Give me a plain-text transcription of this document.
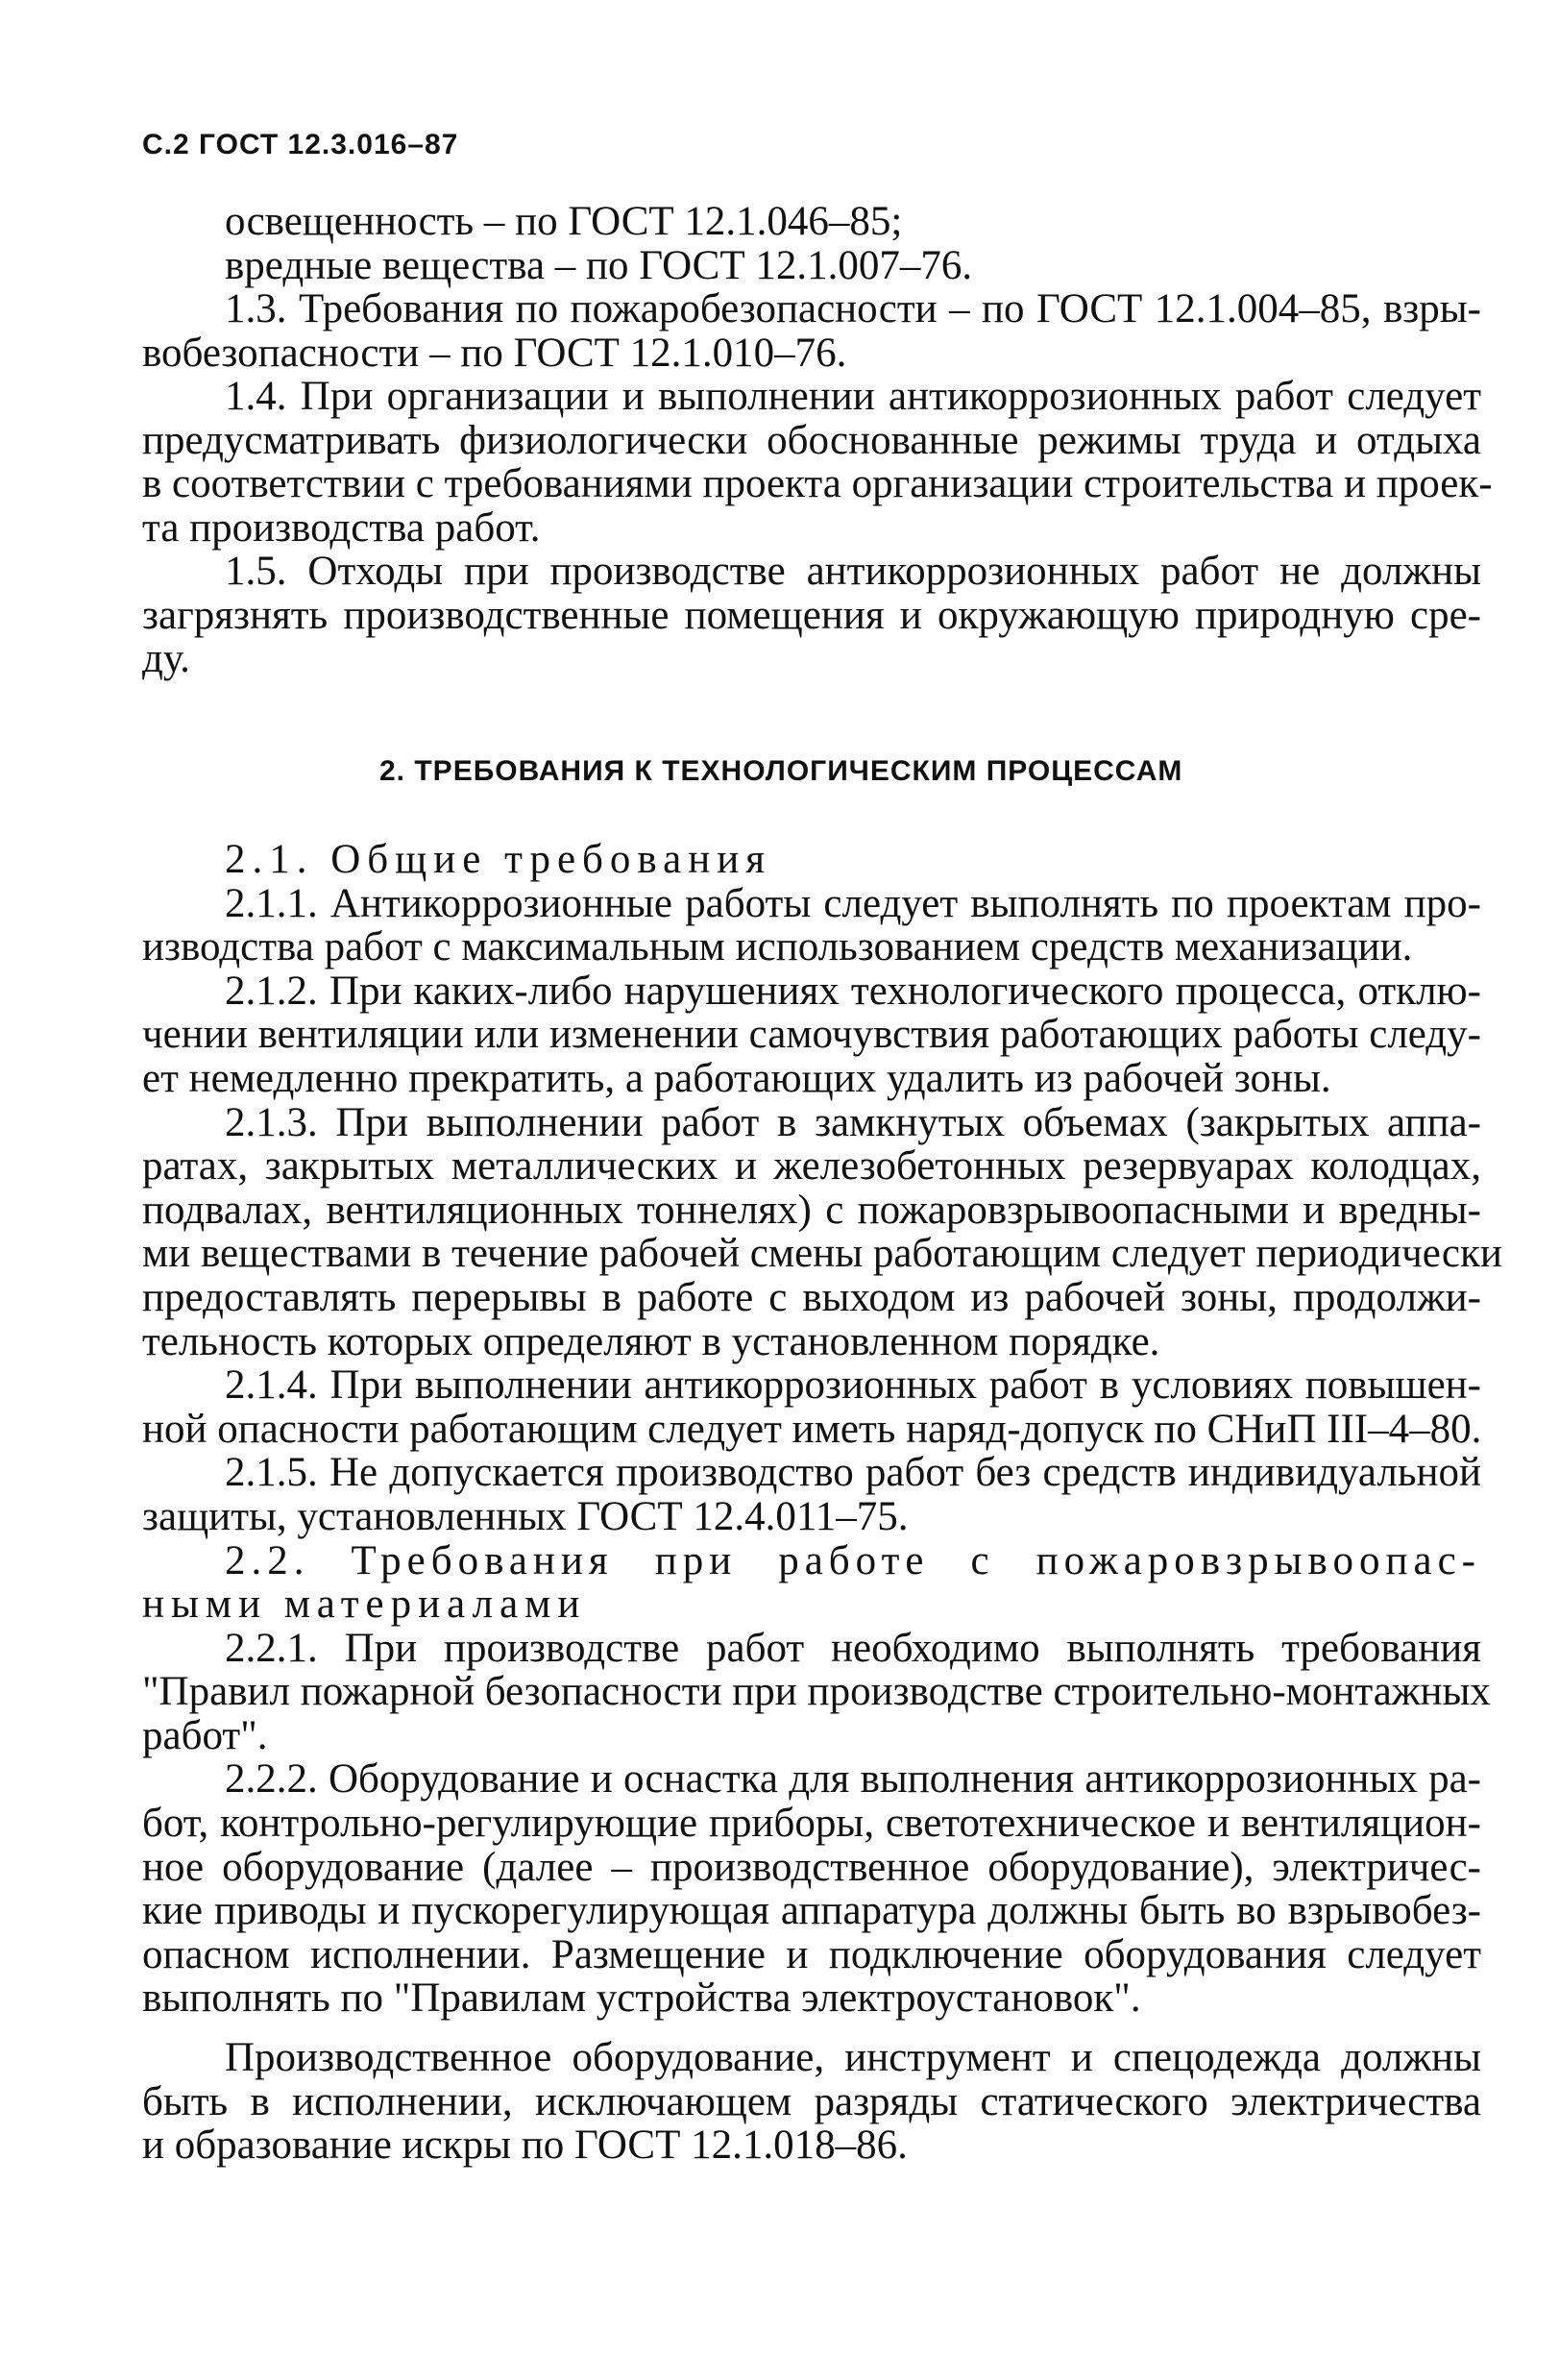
С.2 ГОСТ 12.3.016–87
освещенность – по ГОСТ 12.1.046–85;
вредные вещества – по ГОСТ 12.1.007–76.
1.3. Требования по пожаробезопасности – по ГОСТ 12.1.004–85, взры-
вобезопасности – по ГОСТ 12.1.010–76.
1.4. При организации и выполнении антикоррозионных работ следует
предусматривать физиологически обоснованные режимы труда и отдыха
в соответствии с требованиями проекта организации строительства и проек-
та производства работ.
1.5. Отходы при производстве антикоррозионных работ не должны
загрязнять производственные помещения и окружающую природную сре-
ду.
2. ТРЕБОВАНИЯ К ТЕХНОЛОГИЧЕСКИМ ПРОЦЕССАМ
2.1. Общие требования
2.1.1. Антикоррозионные работы следует выполнять по проектам про-
изводства работ с максимальным использованием средств механизации.
2.1.2. При каких-либо нарушениях технологического процесса, отклю-
чении вентиляции или изменении самочувствия работающих работы следу-
ет немедленно прекратить, а работающих удалить из рабочей зоны.
2.1.3. При выполнении работ в замкнутых объемах (закрытых аппа-
ратах, закрытых металлических и железобетонных резервуарах колодцах,
подвалах, вентиляционных тоннелях) с пожаровзрывоопасными и вредны-
ми веществами в течение рабочей смены работающим следует периодически
предоставлять перерывы в работе с выходом из рабочей зоны, продолжи-
тельность которых определяют в установленном порядке.
2.1.4. При выполнении антикоррозионных работ в условиях повышен-
ной опасности работающим следует иметь наряд-допуск по СНиП III–4–80.
2.1.5. Не допускается производство работ без средств индивидуальной
защиты, установленных ГОСТ 12.4.011–75.
2.2. Требования при работе с пожаровзрывоопас-
ными материалами
2.2.1. При производстве работ необходимо выполнять требования
"Правил пожарной безопасности при производстве строительно-монтажных
работ".
2.2.2. Оборудование и оснастка для выполнения антикоррозионных ра-
бот, контрольно-регулирующие приборы, светотехническое и вентиляцион-
ное оборудование (далее – производственное оборудование), электричес-
кие приводы и пускорегулирующая аппаратура должны быть во взрывобез-
опасном исполнении. Размещение и подключение оборудования следует
выполнять по "Правилам устройства электроустановок".
Производственное оборудование, инструмент и спецодежда должны
быть в исполнении, исключающем разряды статического электричества
и образование искры по ГОСТ 12.1.018–86.
